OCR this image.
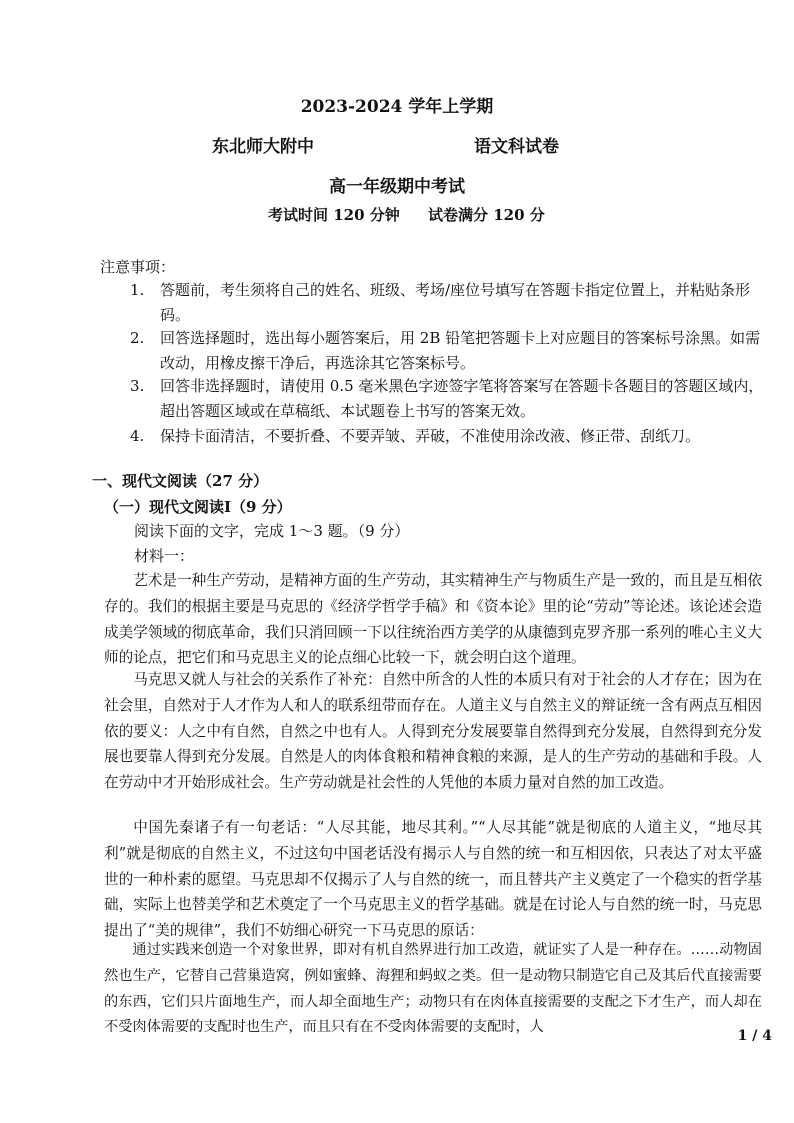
2023-2024 学年上学期
东北师大附中	语文科试卷
高一年级期中考试
考试时间 120 分钟 试卷满分 120 分
注意事项：
1. 答题前，考生须将自己的姓名、班级、考场/座位号填写在答题卡指定位置上，并粘贴条形码。
2. 回答选择题时，选出每小题答案后，用 2B 铅笔把答题卡上对应题目的答案标号涂黑。如需改动，用橡皮擦干净后，再选涂其它答案标号。
3. 回答非选择题时，请使用 0.5 毫米黑色字迹签字笔将答案写在答题卡各题目的答题区域内，超出答题区域或在草稿纸、本试题卷上书写的答案无效。
4. 保持卡面清洁，不要折叠、不要弄皱、弄破，不准使用涂改液、修正带、刮纸刀。
一、现代文阅读（27 分）
（一）现代文阅读Ⅰ（9 分）
阅读下面的文字，完成 1～3 题。（9 分）
材料一：
艺术是一种生产劳动，是精神方面的生产劳动，其实精神生产与物质生产是一致的，而且是互相依存的。我们的根据主要是马克思的《经济学哲学手稿》和《资本论》里的论“劳动”等论述。该论述会造成美学领域的彻底革命，我们只消回顾一下以往统治西方美学的从康德到克罗齐那一系列的唯心主义大师的论点，把它们和马克思主义的论点细心比较一下，就会明白这个道理。
马克思又就人与社会的关系作了补充：自然中所含的人性的本质只有对于社会的人才存在；因为在社会里，自然对于人才作为人和人的联系纽带而存在。人道主义与自然主义的辩证统一含有两点互相因依的要义：人之中有自然，自然之中也有人。人得到充分发展要靠自然得到充分发展，自然得到充分发展也要靠人得到充分发展。自然是人的肉体食粮和精神食粮的来源，是人的生产劳动的基础和手段。人在劳动中才开始形成社会。生产劳动就是社会性的人凭他的本质力量对自然的加工改造。
中国先秦诸子有一句老话：“人尽其能，地尽其利。”“人尽其能”就是彻底的人道主义，“地尽其利”就是彻底的自然主义，不过这句中国老话没有揭示人与自然的统一和互相因依，只表达了对太平盛世的一种朴素的愿望。马克思却不仅揭示了人与自然的统一，而且替共产主义奠定了一个稳实的哲学基础，实际上也替美学和艺术奠定了一个马克思主义的哲学基础。就是在讨论人与自然的统一时，马克思提出了“美的规律”，我们不妨细心研究一下马克思的原话：
通过实践来创造一个对象世界，即对有机自然界进行加工改造，就证实了人是一种存在。……动物固然也生产，它替自己营巢造窝，例如蜜蜂、海狸和蚂蚁之类。但一是动物只制造它自己及其后代直接需要的东西，它们只片面地生产，而人却全面地生产；动物只有在肉体直接需要的支配之下才生产，而人却在不受肉体需要的支配时也生产，而且只有在不受肉体需要的支配时，人
1 / 4
